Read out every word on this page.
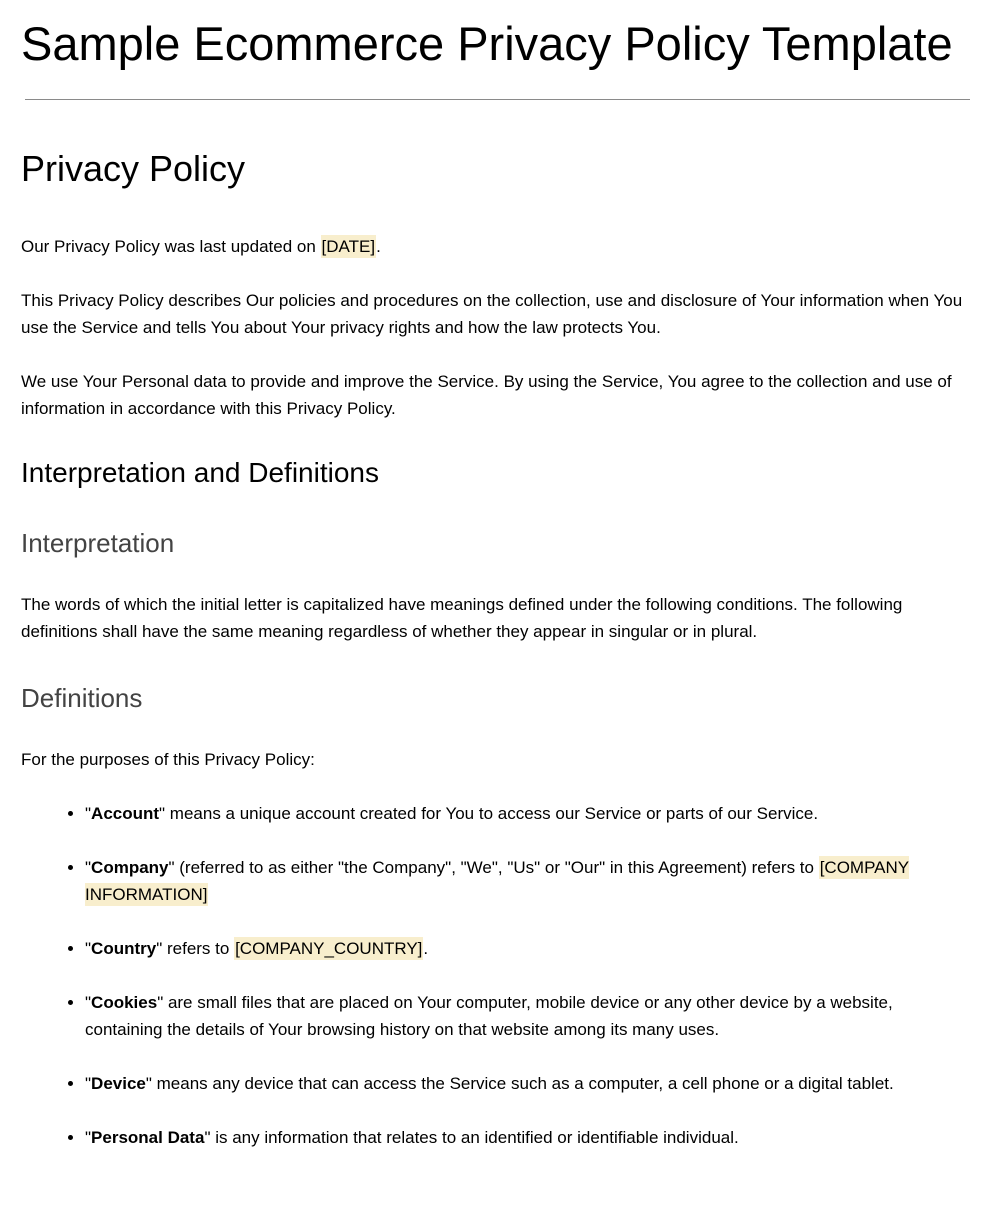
Sample Ecommerce Privacy Policy Template
Privacy Policy

Our Privacy Policy was last updated on [DATE].

This Privacy Policy describes Our policies and procedures on the collection, use and disclosure of Your information when You use the Service and tells You about Your privacy rights and how the law protects You.

We use Your Personal data to provide and improve the Service. By using the Service, You agree to the collection and use of information in accordance with this Privacy Policy.

Interpretation and Definitions
Interpretation

The words of which the initial letter is capitalized have meanings defined under the following conditions. The following definitions shall have the same meaning regardless of whether they appear in singular or in plural.

Definitions

For the purposes of this Privacy Policy:

• "Account" means a unique account created for You to access our Service or parts of our Service.
• "Company" (referred to as either "the Company", "We", "Us" or "Our" in this Agreement) refers to [COMPANY INFORMATION]
• "Country" refers to [COMPANY_COUNTRY].
• "Cookies" are small files that are placed on Your computer, mobile device or any other device by a website, containing the details of Your browsing history on that website among its many uses.
• "Device" means any device that can access the Service such as a computer, a cell phone or a digital tablet.
• "Personal Data" is any information that relates to an identified or identifiable individual.
